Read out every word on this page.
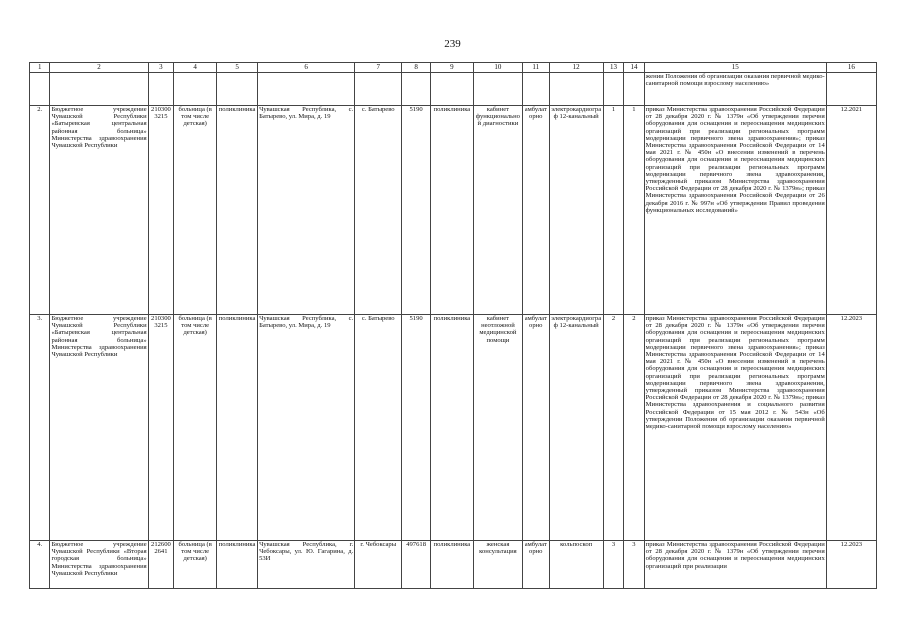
239
1	2	3	4	5	6	7	8	9	10	11	12	13	14	15	16
														жении Положения об организации оказания первичной медико-санитарной помощи взрослому населению»	
2.	Бюджетное учреждение Чувашской Республики «Батыревская центральная районная больница» Министерства здравоохранения Чувашской Республики	2103003215	больница (в том числе детская)	поликлиника	Чувашская Республика, с. Батырево, ул. Мира, д. 19	с. Батырево	5190	поликлиника	кабинет функциональной диагностики	амбулаторно	электрокардиограф 12-канальный	1	1	приказ Министерства здравоохранения Российской Федерации от 28 декабря 2020 г. № 1379н «Об утверждении перечня оборудования для оснащения и переоснащения медицинских организаций при реализации региональных программ модернизации первичного звена здравоохранения»; приказ Министерства здравоохранения Российской Федерации от 14 мая 2021 г. № 450н «О внесении изменений в перечень оборудования для оснащения и переоснащения медицинских организаций при реализации региональных программ модернизации первичного звена здравоохранения, утвержденный приказом Министерства здравоохранения Российской Федерации от 28 декабря 2020 г. № 1379н»; приказ Министерства здравоохранения Российской Федерации от 26 декабря 2016 г. № 997н «Об утверждении Правил проведения функциональных исследований»	12.2021
3.	Бюджетное учреждение Чувашской Республики «Батыревская центральная районная больница» Министерства здравоохранения Чувашской Республики	2103003215	больница (в том числе детская)	поликлиника	Чувашская Республика, с. Батырево, ул. Мира, д. 19	с. Батырево	5190	поликлиника	кабинет неотложной медицинской помощи	амбулаторно	электрокардиограф 12-канальный	2	2	приказ Министерства здравоохранения Российской Федерации от 28 декабря 2020 г. № 1379н «Об утверждении перечня оборудования для оснащения и переоснащения медицинских организаций при реализации региональных программ модернизации первичного звена здравоохранения»; приказ Министерства здравоохранения Российской Федерации от 14 мая 2021 г. № 450н «О внесении изменений в перечень оборудования для оснащения и переоснащения медицинских организаций при реализации региональных программ модернизации первичного звена здравоохранения, утвержденный приказом Министерства здравоохранения Российской Федерации от 28 декабря 2020 г. № 1379н»; приказ Министерства здравоохранения и социального развития Российской Федерации от 15 мая 2012 г. № 543н «Об утверждении Положения об организации оказания первичной медико-санитарной помощи взрослому населению»	12.2023
4.	Бюджетное учреждение Чувашской Республики «Вторая городская больница» Министерства здравоохранения Чувашской Республики	2126002641	больница (в том числе детская)	поликлиника	Чувашская Республика, г. Чебоксары, ул. Ю. Гагарина, д. 53И	г. Чебоксары	497618	поликлиника	женская консультация	амбулаторно	кольпоскоп	3	3	приказ Министерства здравоохранения Российской Федерации от 28 декабря 2020 г. № 1379н «Об утверждении перечня оборудования для оснащения и переоснащения медицинских организаций при реализации	12.2023
